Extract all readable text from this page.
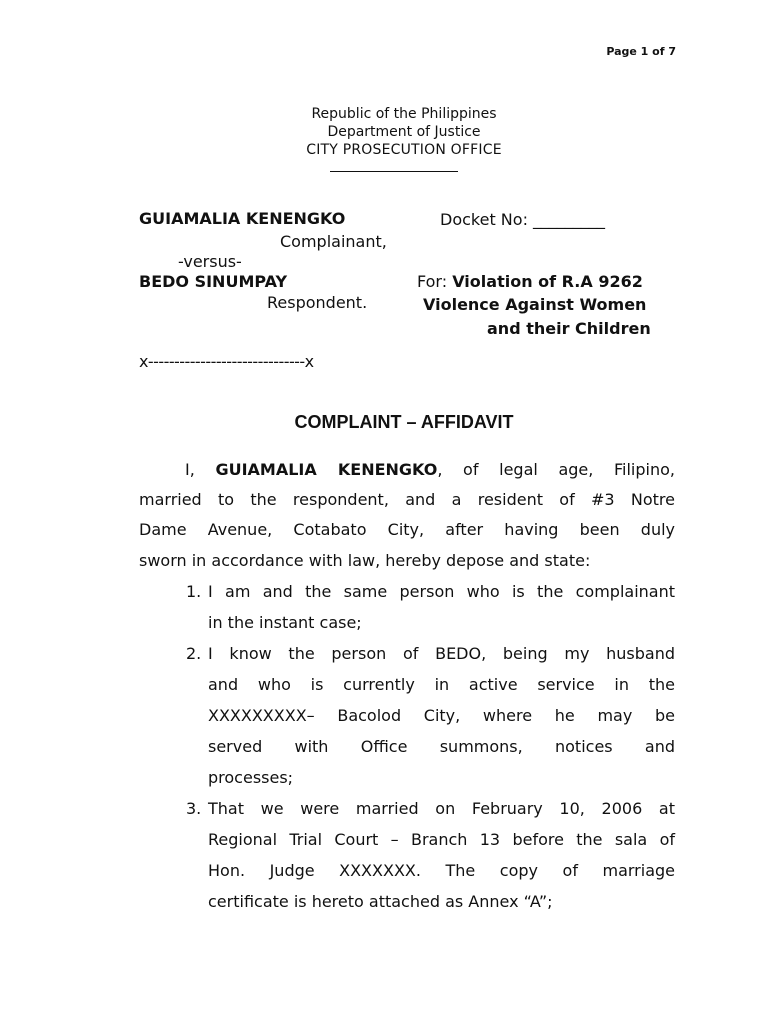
Page 1 of 7
Republic of the Philippines
Department of Justice
CITY PROSECUTION OFFICE
GUIAMALIA KENENGKO
Complainant,
-versus-
BEDO SINUMPAY
Respondent.
Docket No: _________
For: Violation of R.A 9262
Violence Against Women
and their Children
x------------------------------x
COMPLAINT – AFFIDAVIT
I, GUIAMALIA KENENGKO, of legal age, Filipino,
married to the respondent, and a resident of #3 Notre
Dame Avenue, Cotabato City, after having been duly
sworn in accordance with law, hereby depose and state:
1. I am and the same person who is the complainant
in the instant case;
2. I know the person of BEDO, being my husband
and who is currently in active service in the
XXXXXXXXX– Bacolod City, where he may be
served with Office summons, notices and
processes;
3. That we were married on February 10, 2006 at
Regional Trial Court – Branch 13 before the sala of
Hon. Judge XXXXXXX. The copy of marriage
certificate is hereto attached as Annex “A”;
